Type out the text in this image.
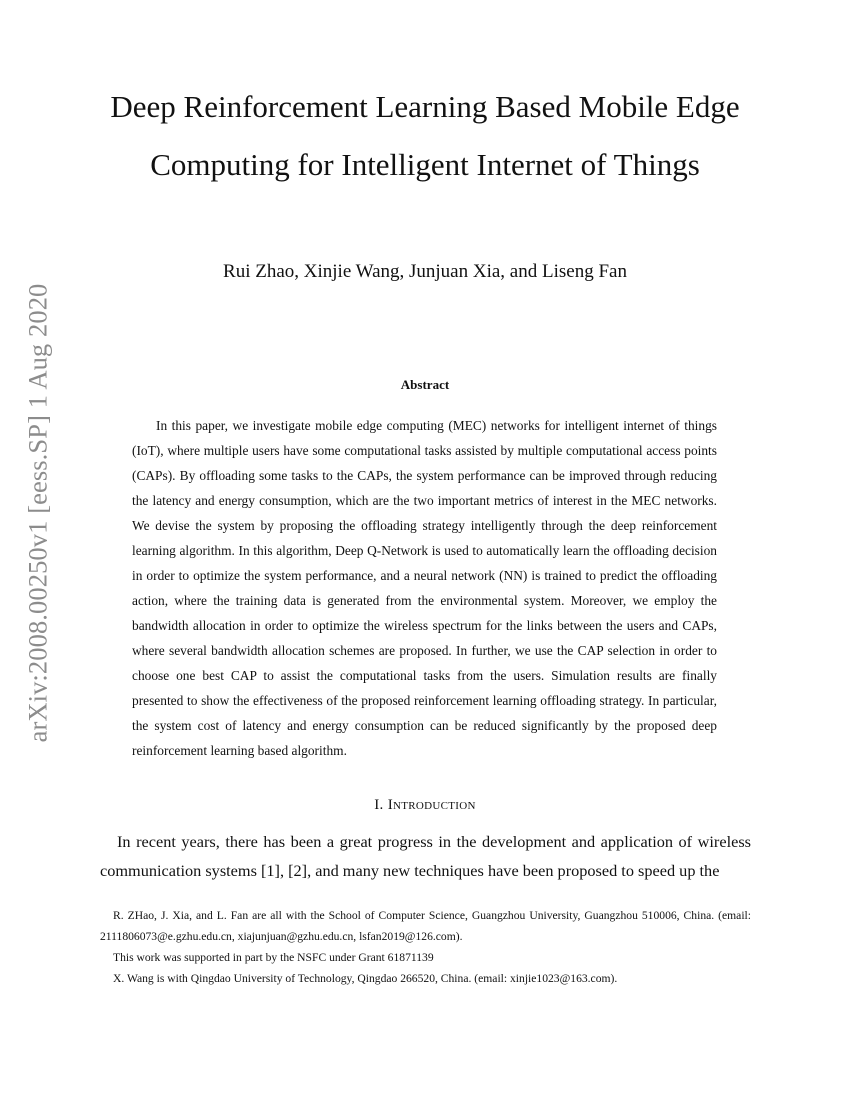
arXiv:2008.00250v1 [eess.SP] 1 Aug 2020
Deep Reinforcement Learning Based Mobile Edge Computing for Intelligent Internet of Things
Rui Zhao, Xinjie Wang, Junjuan Xia, and Liseng Fan
Abstract

In this paper, we investigate mobile edge computing (MEC) networks for intelligent internet of things (IoT), where multiple users have some computational tasks assisted by multiple computational access points (CAPs). By offloading some tasks to the CAPs, the system performance can be improved through reducing the latency and energy consumption, which are the two important metrics of interest in the MEC networks. We devise the system by proposing the offloading strategy intelligently through the deep reinforcement learning algorithm. In this algorithm, Deep Q-Network is used to automatically learn the offloading decision in order to optimize the system performance, and a neural network (NN) is trained to predict the offloading action, where the training data is generated from the environmental system. Moreover, we employ the bandwidth allocation in order to optimize the wireless spectrum for the links between the users and CAPs, where several bandwidth allocation schemes are proposed. In further, we use the CAP selection in order to choose one best CAP to assist the computational tasks from the users. Simulation results are finally presented to show the effectiveness of the proposed reinforcement learning offloading strategy. In particular, the system cost of latency and energy consumption can be reduced significantly by the proposed deep reinforcement learning based algorithm.

I. Introduction

In recent years, there has been a great progress in the development and application of wireless communication systems [1], [2], and many new techniques have been proposed to speed up the

R. ZHao, J. Xia, and L. Fan are all with the School of Computer Science, Guangzhou University, Guangzhou 510006, China. (email: 2111806073@e.gzhu.edu.cn, xiajunjuan@gzhu.edu.cn, lsfan2019@126.com).

This work was supported in part by the NSFC under Grant 61871139

X. Wang is with Qingdao University of Technology, Qingdao 266520, China. (email: xinjie1023@163.com).
